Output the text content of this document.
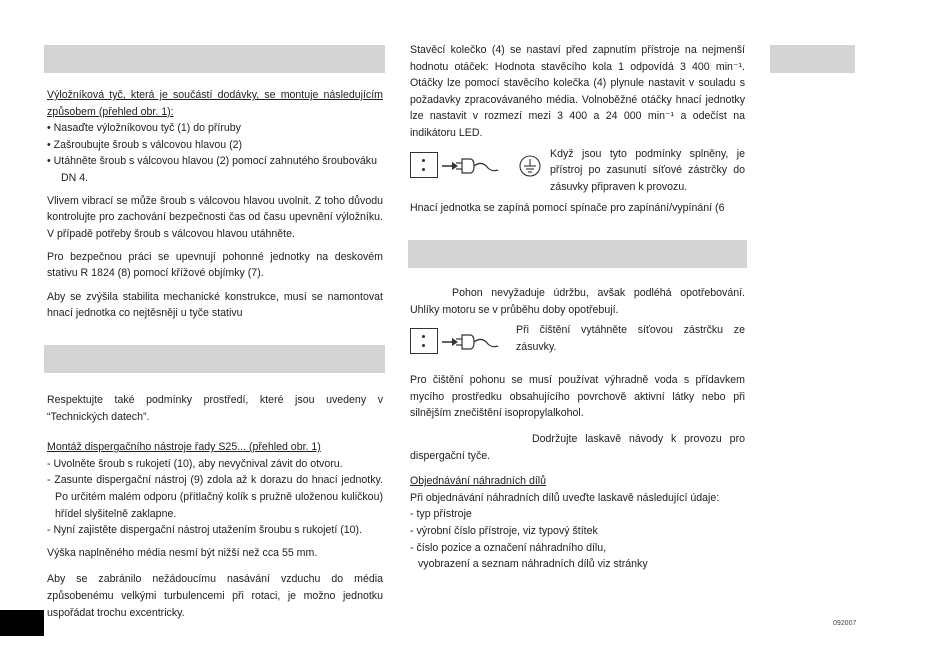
Výložníková tyč, která je součástí dodávky, se montuje následujícím způsobem (přehled obr. 1):

• Nasaďte výložníkovou tyč (1) do příruby
• Zašroubujte šroub s válcovou hlavou (2)
• Utáhněte šroub s válcovou hlavou (2) pomocí zahnutého šroubováku DN 4.

Vlivem vibrací se může šroub s válcovou hlavou uvolnit. Z toho důvodu kontrolujte pro zachování bezpečnosti čas od času upevnění výložníku. V případě potřeby šroub s válcovou hlavou utáhněte.

Pro bezpečnou práci se upevnují pohonné jednotky na deskovém stativu R 1824 (8) pomocí křížové objímky (7).

Aby se zvýšila stabilita mechanické konstrukce, musí se namontovat hnací jednotka co nejtěsněji u tyče stativu

Respektujte také podmínky prostředí, které jsou uvedeny v “Technických datech”.

Montáž dispergačního nástroje řady S25... (přehled obr. 1)

- Uvolněte šroub s rukojetí (10), aby nevyčnival závit do otvoru.
- Zasunte dispergační nástroj (9) zdola až k dorazu do hnací jednotky. Po určitém malém odporu (přítlačný kolík s pružně uloženou kuličkou) hřídel slyšitelně zaklapne.
- Nyní zajistěte dispergační nástroj utažením šroubu s rukojetí (10).

Výška naplněného média nesmí být nižší než cca 55 mm.

Aby se zabránilo nežádoucímu nasávání vzduchu do média způsobenému velkými turbulencemi při rotaci, je možno jednotku uspořádat trochu excentricky.

Stavěcí kolečko (4) se nastaví před zapnutím přístroje na nejmenší hodnotu otáček: Hodnota stavěcího kola 1 odpovídá 3 400 min⁻¹. Otáčky lze pomocí stavěcího kolečka (4) plynule nastavit v souladu s požadavky zpracovávaného média. Volnoběžné otáčky hnací jednotky lze nastavit v rozmezí mezi 3 400 a 24 000 min⁻¹ a odečíst na indikátoru LED.

Když jsou tyto podmínky splněny, je přístroj po zasunutí síťové zástrčky do zásuvky připraven k provozu.

Hnací jednotka se zapíná pomocí spínače pro zapínání/vypínání (6

Pohon nevyžaduje údržbu, avšak podléhá opotřebování. Uhlíky motoru se v průběhu doby opotřebují.

Při čištění vytáhněte síťovou zástrčku ze zásuvky.

Pro čištění pohonu se musí používat výhradně voda s přídavkem mycího prostředku obsahujícího povrchově aktivní látky nebo při silnějším znečištění isopropylalkohol.

Dodržujte laskavě návody k provozu pro dispergační tyče.

Objednávání náhradních dílů

Při objednávání náhradních dílů uveďte laskavě následující údaje:

- typ přístroje
- výrobní číslo přístroje, viz typový štítek
- číslo pozice a označení náhradního dílu,
vyobrazení a seznam náhradních dílů viz stránky
092007
